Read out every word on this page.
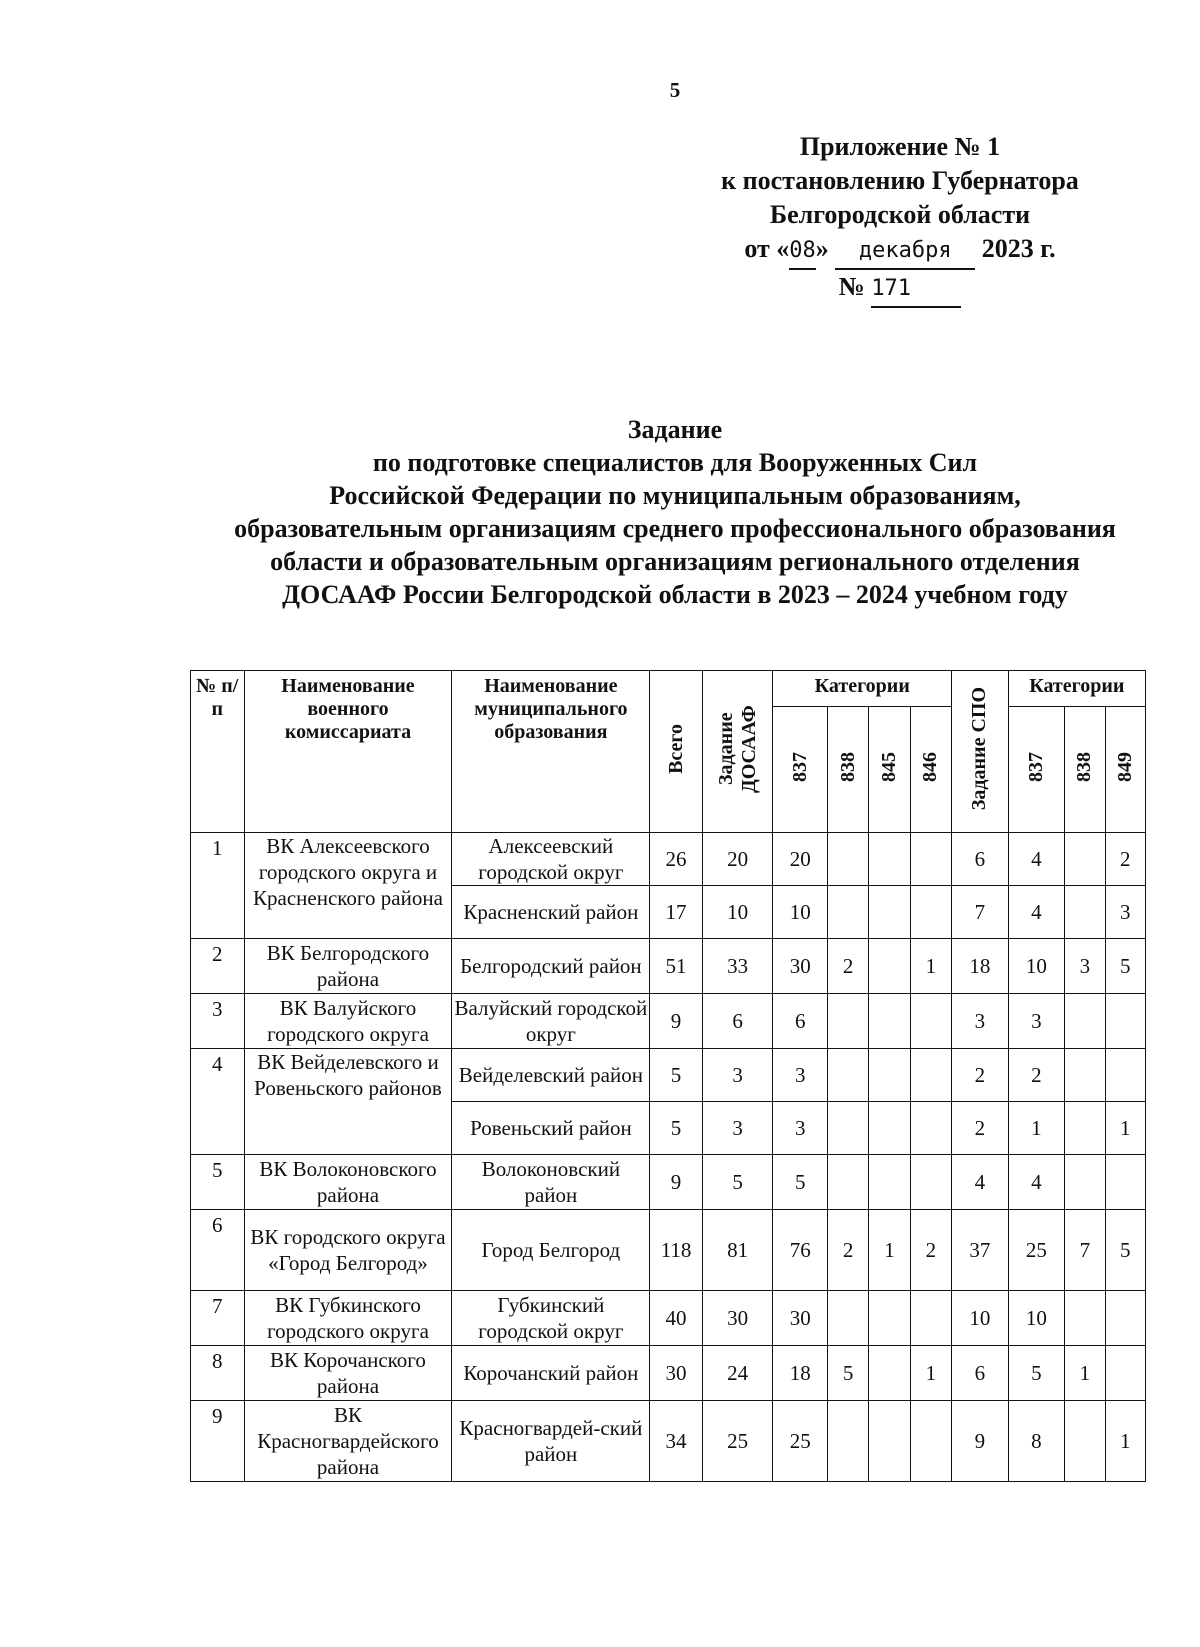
5
Приложение № 1
к постановлению Губернатора
Белгородской области
от «08» декабря 2023 г.
№ 171
Задание
по подготовке специалистов для Вооруженных Сил
Российской Федерации по муниципальным образованиям,
образовательным организациям среднего профессионального образования
области и образовательным организациям регионального отделения
ДОСААФ России Белгородской области в 2023 – 2024 учебном году
№ п/п	Наименование военного комиссариата	Наименование муниципального образования	Всего	Задание ДОСААФ	Категории				Задание СПО	Категории		
					837	838	845	846		837	838	849
1	ВК Алексеевского городского округа и Красненского района	Алексеевский городской округ	26	20	20				6	4		2
		Красненский район	17	10	10				7	4		3
2	ВК Белгородского района	Белгородский район	51	33	30	2		1	18	10	3	5
3	ВК Валуйского городского округа	Валуйский городской округ	9	6	6				3	3		
4	ВК Вейделевского и Ровеньского районов	Вейделевский район	5	3	3				2	2		
		Ровеньский район	5	3	3				2	1		1
5	ВК Волоконовского района	Волоконовский район	9	5	5				4	4		
6	ВК городского округа «Город Белгород»	Город Белгород	118	81	76	2	1	2	37	25	7	5
7	ВК Губкинского городского округа	Губкинский городской округ	40	30	30				10	10		
8	ВК Корочанского района	Корочанский район	30	24	18	5		1	6	5	1	
9	ВК Красногвардейского района	Красногвардей-ский район	34	25	25				9	8		1
